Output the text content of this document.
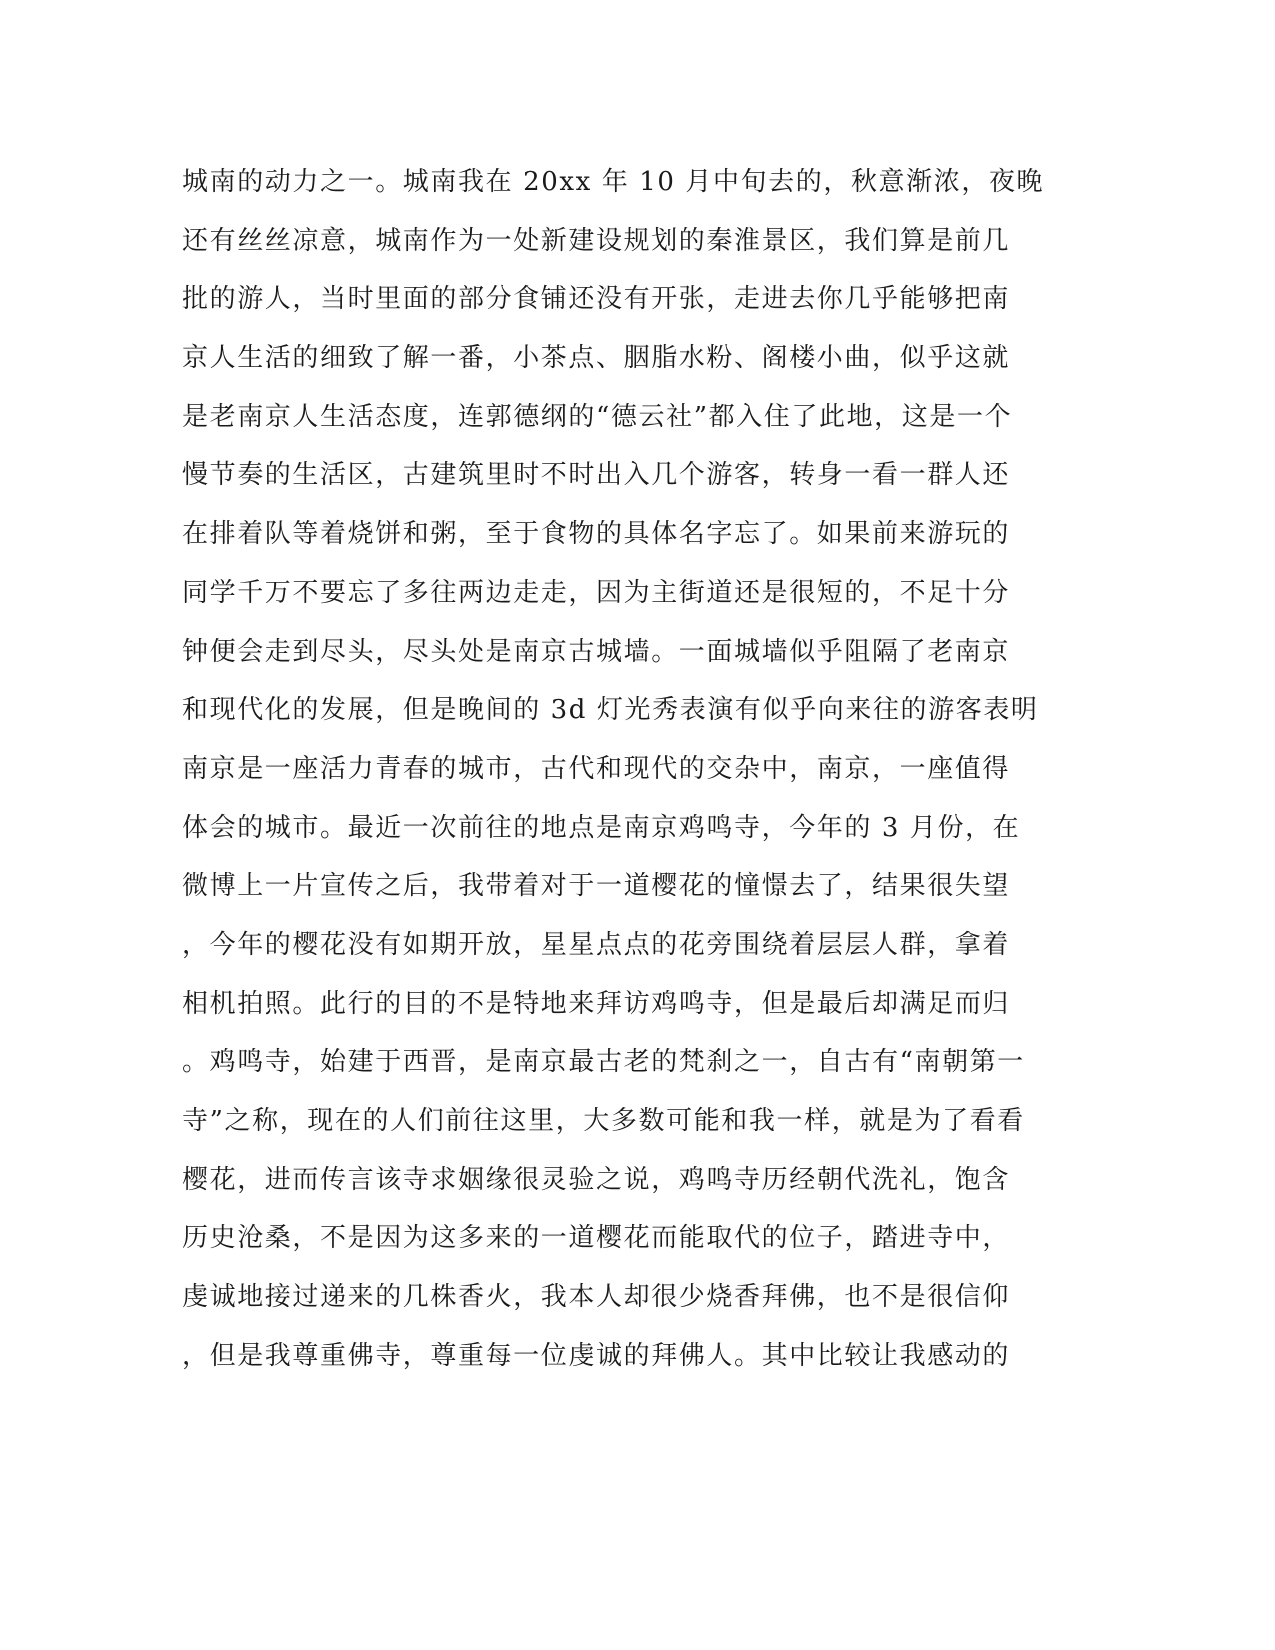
城南的动力之一。城南我在 20xx 年 10 月中旬去的，秋意渐浓，夜晚
还有丝丝凉意，城南作为一处新建设规划的秦淮景区，我们算是前几
批的游人，当时里面的部分食铺还没有开张，走进去你几乎能够把南
京人生活的细致了解一番，小茶点、胭脂水粉、阁楼小曲，似乎这就
是老南京人生活态度，连郭德纲的“德云社”都入住了此地，这是一个
慢节奏的生活区，古建筑里时不时出入几个游客，转身一看一群人还
在排着队等着烧饼和粥，至于食物的具体名字忘了。如果前来游玩的
同学千万不要忘了多往两边走走，因为主街道还是很短的，不足十分
钟便会走到尽头，尽头处是南京古城墙。一面城墙似乎阻隔了老南京
和现代化的发展，但是晚间的 3d 灯光秀表演有似乎向来往的游客表明
南京是一座活力青春的城市，古代和现代的交杂中，南京，一座值得
体会的城市。最近一次前往的地点是南京鸡鸣寺，今年的 3 月份，在
微博上一片宣传之后，我带着对于一道樱花的憧憬去了，结果很失望
，今年的樱花没有如期开放，星星点点的花旁围绕着层层人群，拿着
相机拍照。此行的目的不是特地来拜访鸡鸣寺，但是最后却满足而归
。鸡鸣寺，始建于西晋，是南京最古老的梵刹之一，自古有“南朝第一
寺”之称，现在的人们前往这里，大多数可能和我一样，就是为了看看
樱花，进而传言该寺求姻缘很灵验之说，鸡鸣寺历经朝代洗礼，饱含
历史沧桑，不是因为这多来的一道樱花而能取代的位子，踏进寺中，
虔诚地接过递来的几株香火，我本人却很少烧香拜佛，也不是很信仰
，但是我尊重佛寺，尊重每一位虔诚的拜佛人。其中比较让我感动的
